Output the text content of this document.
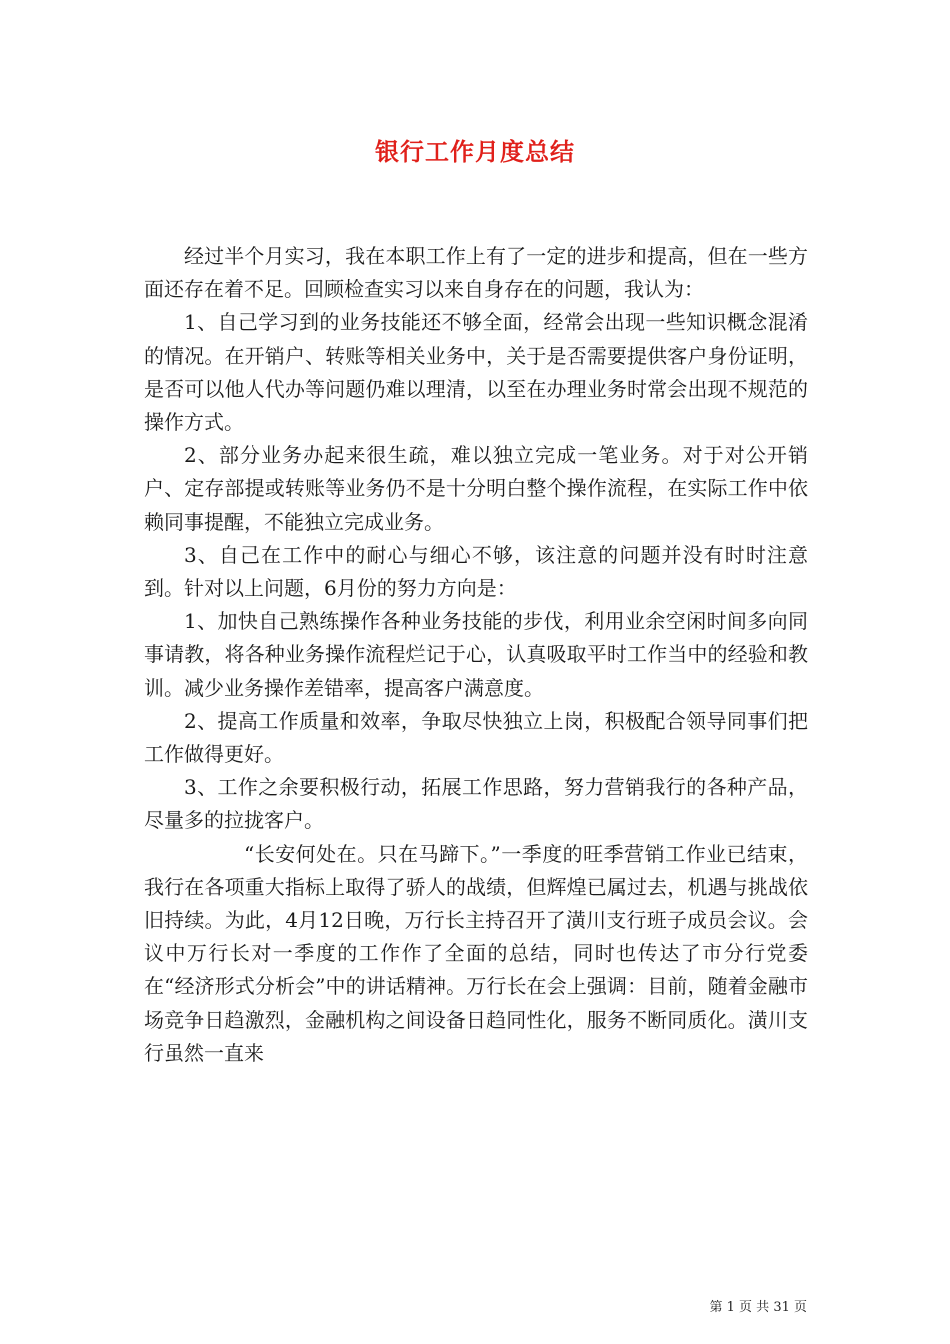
银行工作月度总结

经过半个月实习，我在本职工作上有了一定的进步和提高，但在一些方面还存在着不足。回顾检查实习以来自身存在的问题，我认为：

1、自己学习到的业务技能还不够全面，经常会出现一些知识概念混淆的情况。在开销户、转账等相关业务中，关于是否需要提供客户身份证明，是否可以他人代办等问题仍难以理清，以至在办理业务时常会出现不规范的操作方式。

2、部分业务办起来很生疏，难以独立完成一笔业务。对于对公开销户、定存部提或转账等业务仍不是十分明白整个操作流程，在实际工作中依赖同事提醒，不能独立完成业务。

3、自己在工作中的耐心与细心不够，该注意的问题并没有时时注意到。针对以上问题，6月份的努力方向是：

1、加快自己熟练操作各种业务技能的步伐，利用业余空闲时间多向同事请教，将各种业务操作流程烂记于心，认真吸取平时工作当中的经验和教训。减少业务操作差错率，提高客户满意度。

2、提高工作质量和效率，争取尽快独立上岗，积极配合领导同事们把工作做得更好。

3、工作之余要积极行动，拓展工作思路，努力营销我行的各种产品，尽量多的拉拢客户。

“长安何处在。只在马蹄下。”一季度的旺季营销工作业已结束，我行在各项重大指标上取得了骄人的战绩，但辉煌已属过去，机遇与挑战依旧持续。为此，4月12日晚，万行长主持召开了潢川支行班子成员会议。会议中万行长对一季度的工作作了全面的总结，同时也传达了市分行党委在“经济形式分析会”中的讲话精神。万行长在会上强调：目前，随着金融市场竞争日趋激烈，金融机构之间设备日趋同性化，服务不断同质化。潢川支行虽然一直来

第 1 页 共 31 页
